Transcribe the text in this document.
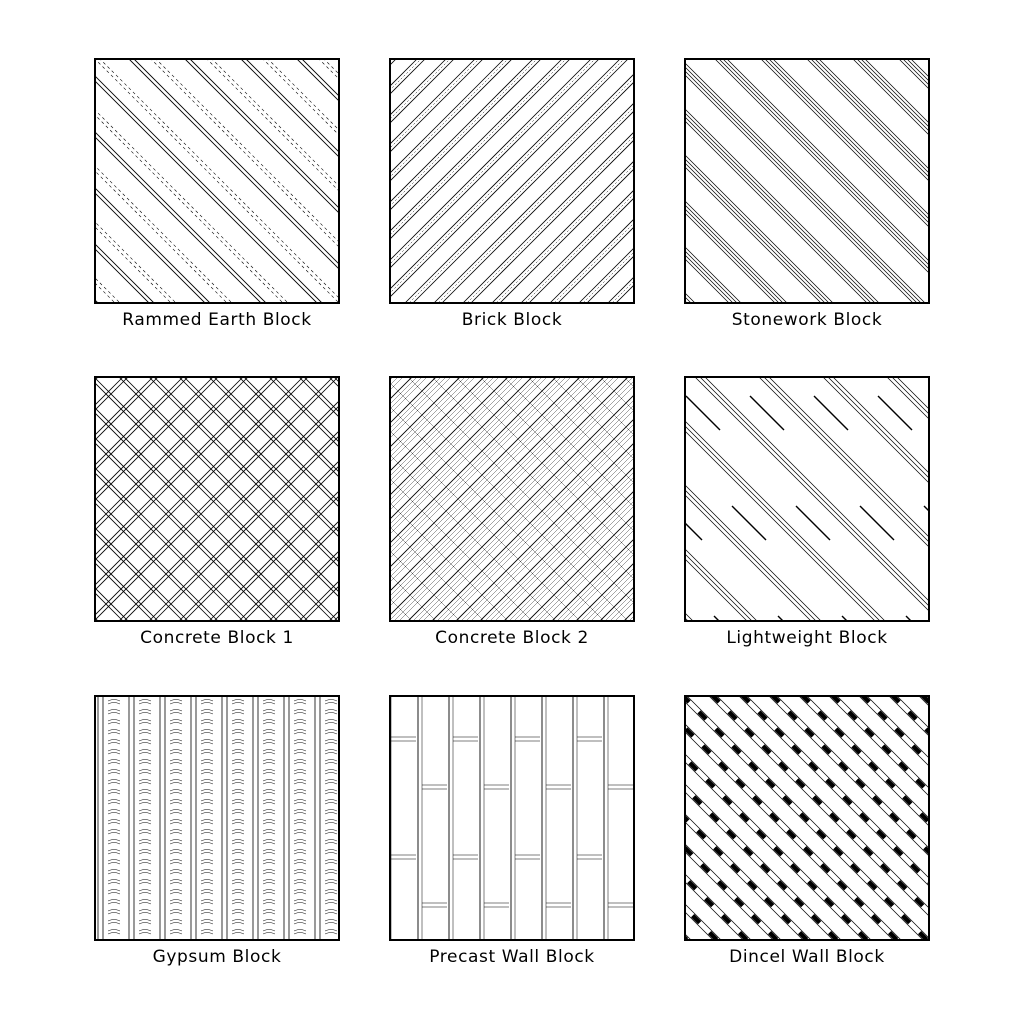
Rammed Earth Block	Brick Block	Stonework Block
Concrete Block 1	Concrete Block 2	Lightweight Block
Gypsum Block	Precast Wall Block	Dincel Wall Block
